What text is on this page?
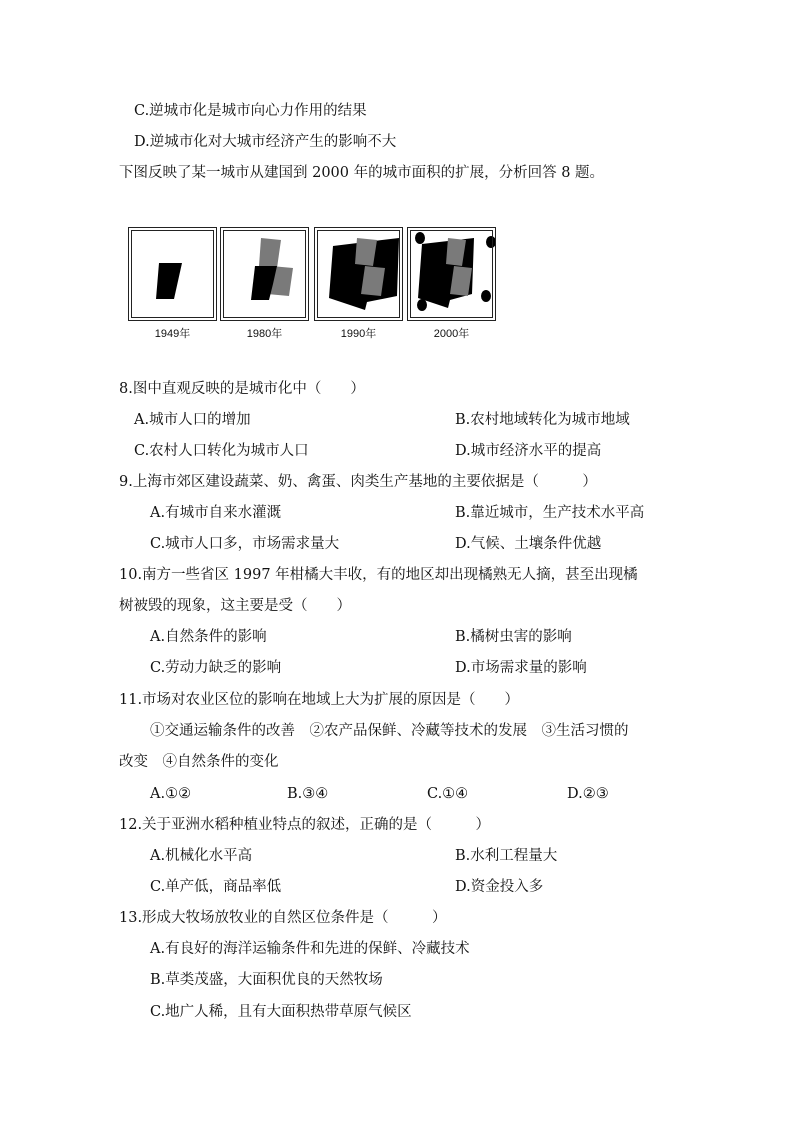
C.逆城市化是城市向心力作用的结果
D.逆城市化对大城市经济产生的影响不大
下图反映了某一城市从建国到 2000 年的城市面积的扩展，分析回答 8 题。
1949年	1980年	1990年	2000年
8.图中直观反映的是城市化中（　　）
A.城市人口的增加	B.农村地域转化为城市地域
C.农村人口转化为城市人口	D.城市经济水平的提高
9.上海市郊区建设蔬菜、奶、禽蛋、肉类生产基地的主要依据是（　　　）
A.有城市自来水灌溉	B.靠近城市，生产技术水平高
C.城市人口多，市场需求量大	D.气候、土壤条件优越
10.南方一些省区 1997 年柑橘大丰收，有的地区却出现橘熟无人摘，甚至出现橘
树被毁的现象，这主要是受（　　）
A.自然条件的影响	B.橘树虫害的影响
C.劳动力缺乏的影响	D.市场需求量的影响
11.市场对农业区位的影响在地域上大为扩展的原因是（　　）
①交通运输条件的改善　②农产品保鲜、冷藏等技术的发展　③生活习惯的
改变　④自然条件的变化
A.①②	B.③④	C.①④	D.②③
12.关于亚洲水稻种植业特点的叙述，正确的是（　　　）
A.机械化水平高	B.水利工程量大
C.单产低，商品率低	D.资金投入多
13.形成大牧场放牧业的自然区位条件是（　　　）
A.有良好的海洋运输条件和先进的保鲜、冷藏技术
B.草类茂盛，大面积优良的天然牧场
C.地广人稀，且有大面积热带草原气候区
